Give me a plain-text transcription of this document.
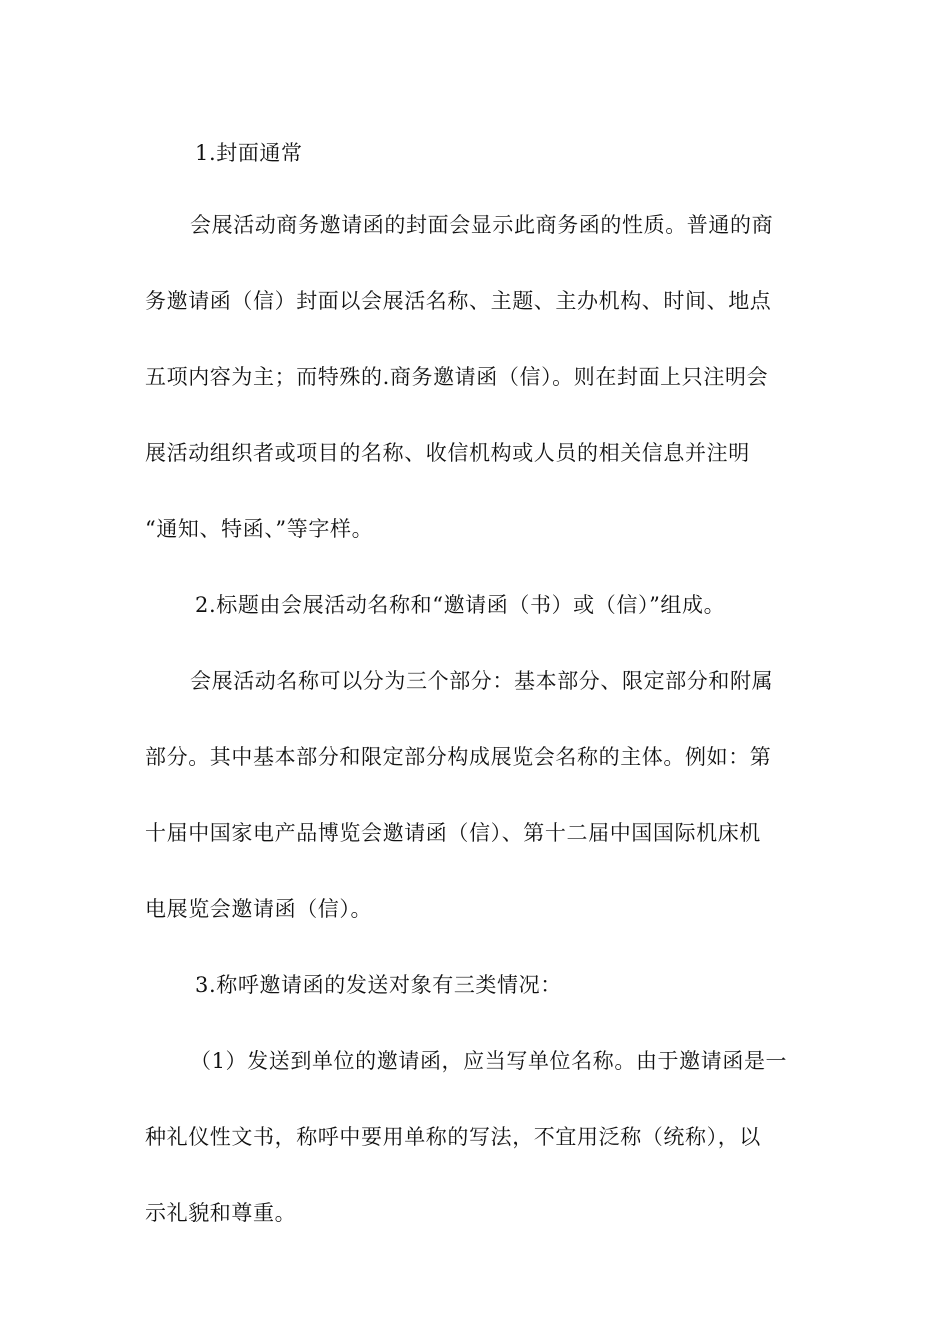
1.封面通常
会展活动商务邀请函的封面会显示此商务函的性质。普通的商
务邀请函（信）封面以会展活名称、主题、主办机构、时间、地点
五项内容为主；而特殊的.商务邀请函（信）。则在封面上只注明会
展活动组织者或项目的名称、收信机构或人员的相关信息并注明
“通知、特函、”等字样。
2.标题由会展活动名称和“邀请函（书）或（信）”组成。
会展活动名称可以分为三个部分：基本部分、限定部分和附属
部分。其中基本部分和限定部分构成展览会名称的主体。例如：第
十届中国家电产品博览会邀请函（信）、第十二届中国国际机床机
电展览会邀请函（信）。
3.称呼邀请函的发送对象有三类情况：
（1）发送到单位的邀请函，应当写单位名称。由于邀请函是一
种礼仪性文书，称呼中要用单称的写法，不宜用泛称（统称），以
示礼貌和尊重。
